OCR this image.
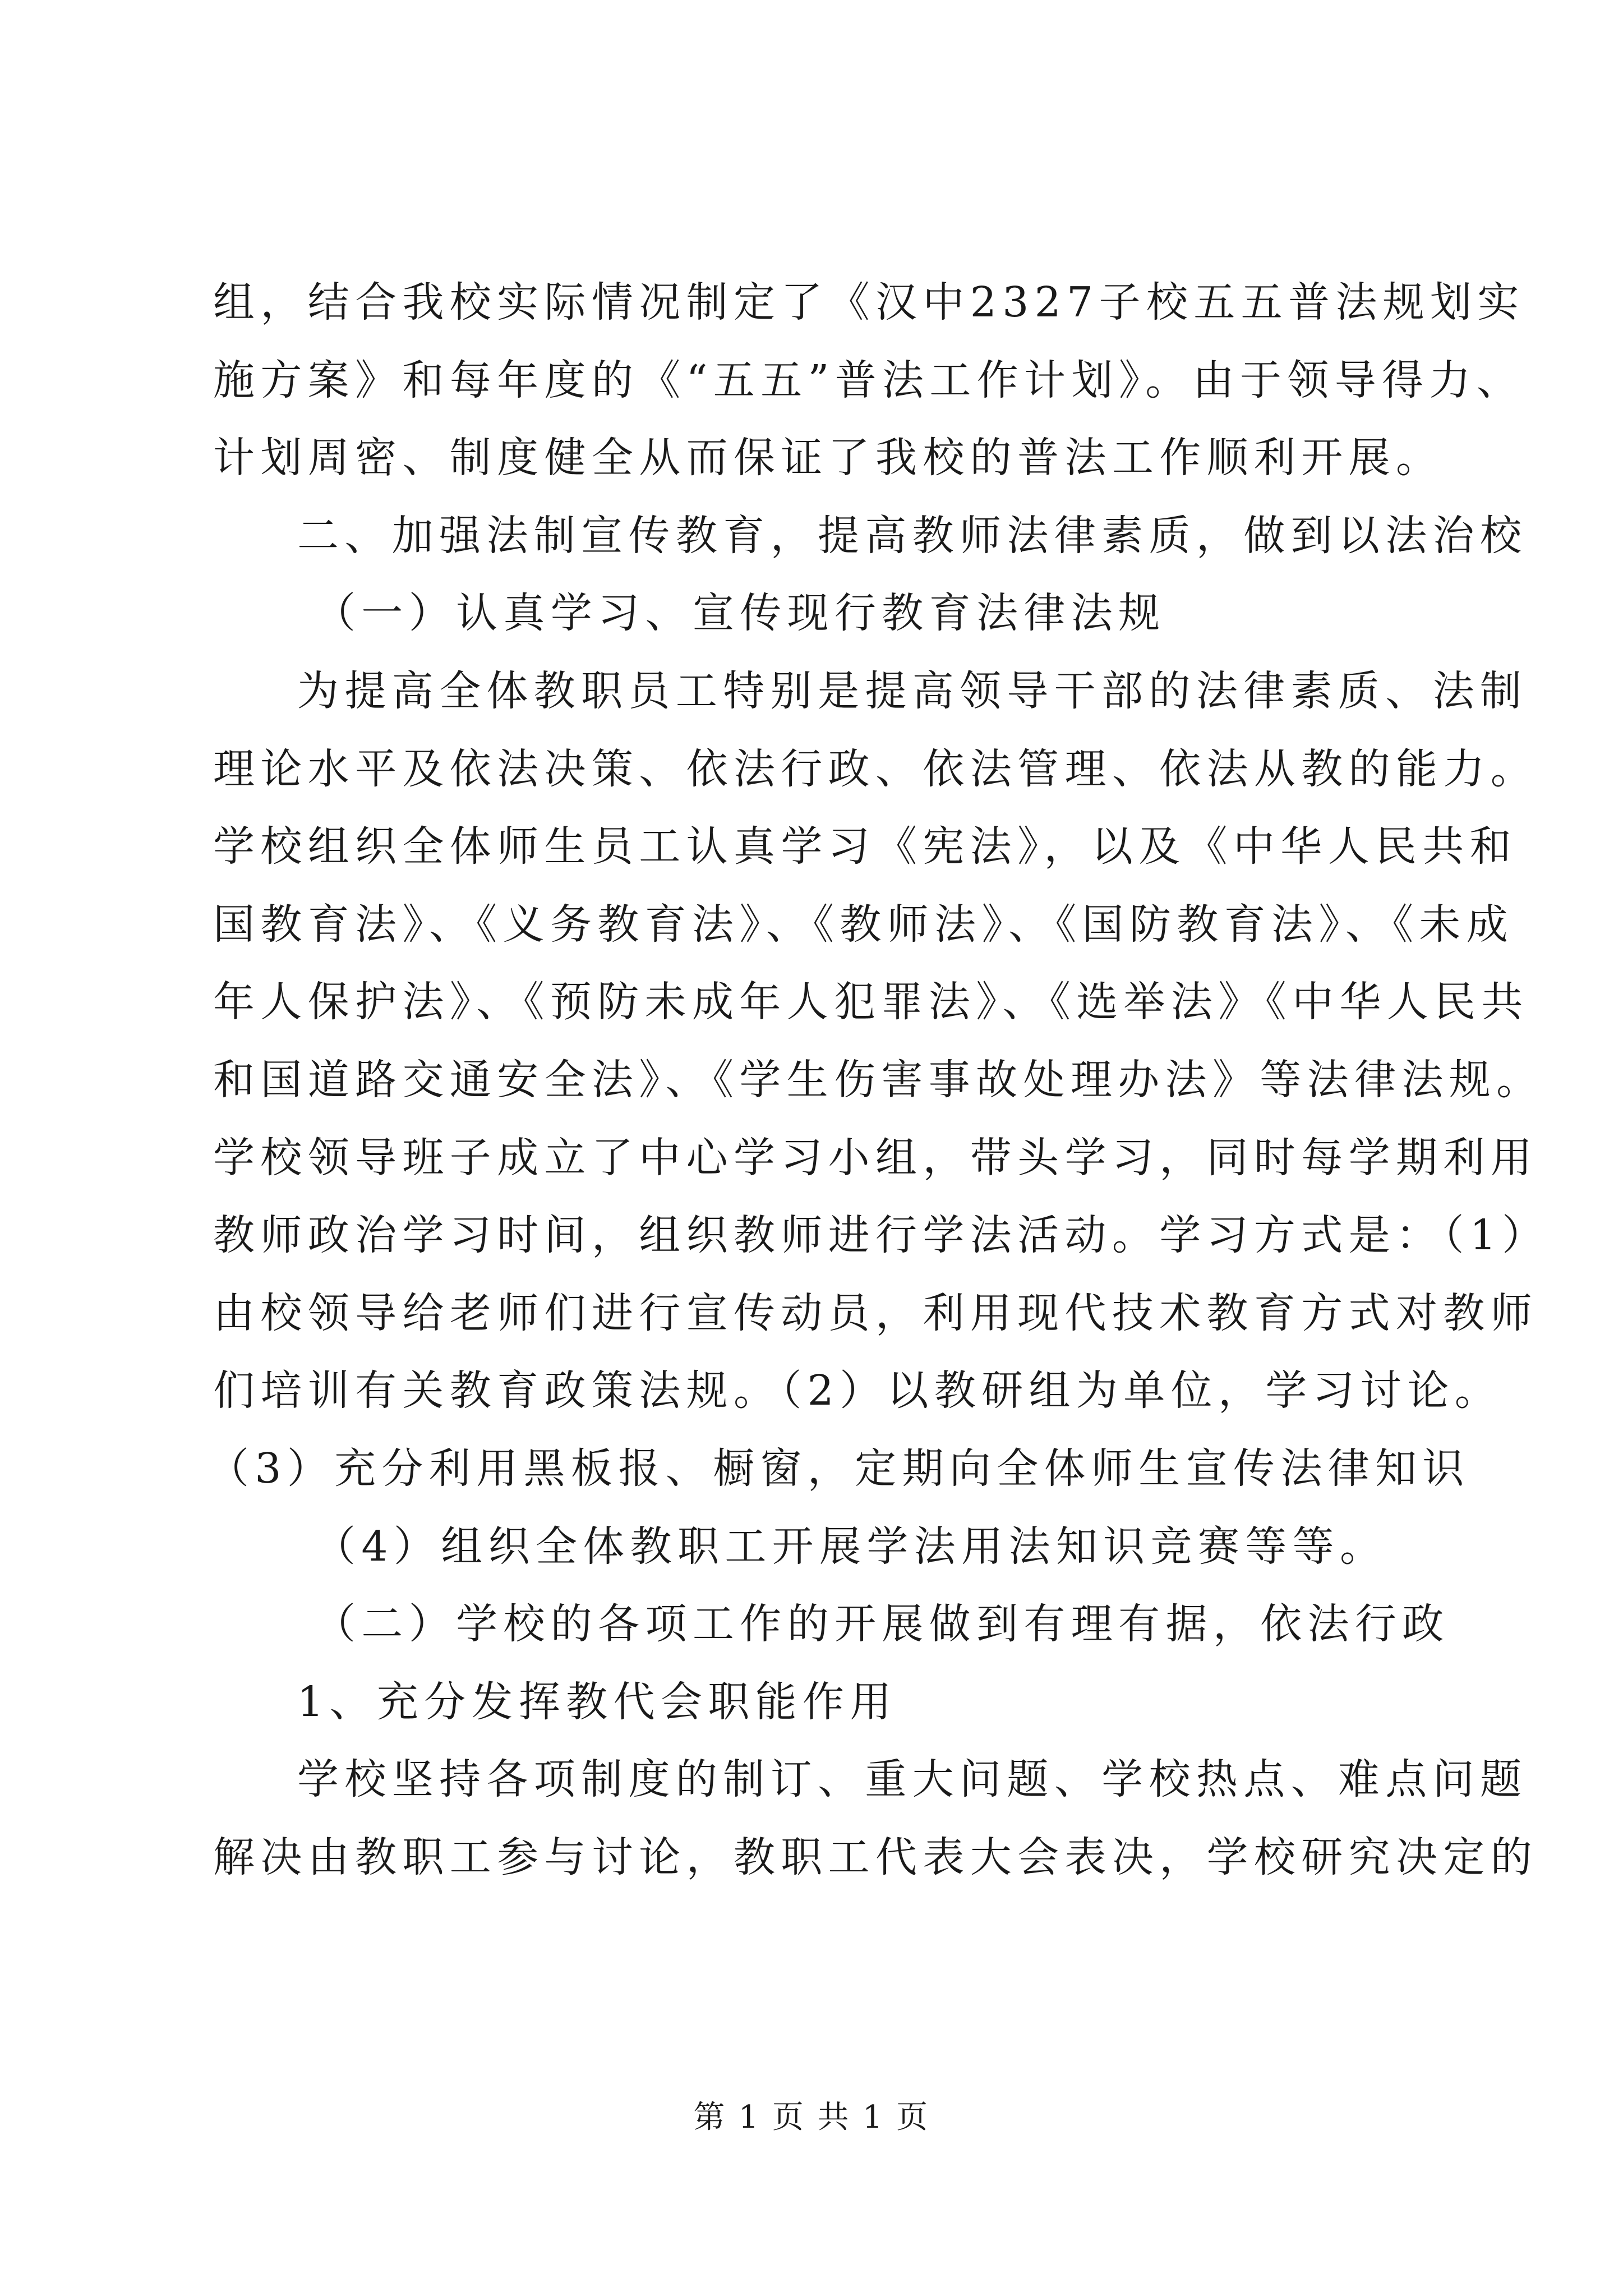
组，结合我校实际情况制定了《汉中2327子校五五普法规划实
施方案》和每年度的《“五五”普法工作计划》。由于领导得力、
计划周密、制度健全从而保证了我校的普法工作顺利开展。
二、加强法制宣传教育，提高教师法律素质，做到以法治校
（一）认真学习、宣传现行教育法律法规
为提高全体教职员工特别是提高领导干部的法律素质、法制
理论水平及依法决策、依法行政、依法管理、依法从教的能力。
学校组织全体师生员工认真学习《宪法》，以及《中华人民共和
国教育法》、《义务教育法》、《教师法》、《国防教育法》、《未成
年人保护法》、《预防未成年人犯罪法》、《选举法》《中华人民共
和国道路交通安全法》、《学生伤害事故处理办法》等法律法规。
学校领导班子成立了中心学习小组，带头学习，同时每学期利用
教师政治学习时间，组织教师进行学法活动。学习方式是：（1）
由校领导给老师们进行宣传动员，利用现代技术教育方式对教师
们培训有关教育政策法规。（2）以教研组为单位，学习讨论。
（3）充分利用黑板报、橱窗，定期向全体师生宣传法律知识
（4）组织全体教职工开展学法用法知识竞赛等等。
（二）学校的各项工作的开展做到有理有据，依法行政
1、充分发挥教代会职能作用
学校坚持各项制度的制订、重大问题、学校热点、难点问题
解决由教职工参与讨论，教职工代表大会表决，学校研究决定的
第 1 页 共 1 页
